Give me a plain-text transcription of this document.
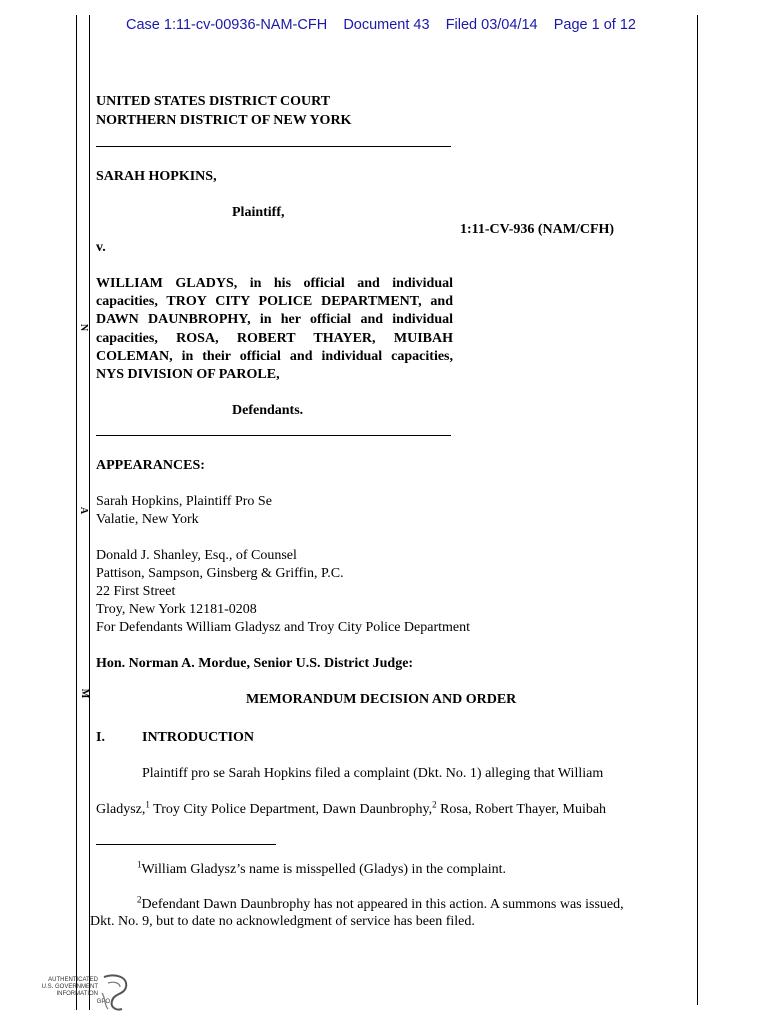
Case 1:11-cv-00936-NAM-CFH Document 43 Filed 03/04/14 Page 1 of 12
N
A
M
UNITED STATES DISTRICT COURT
NORTHERN DISTRICT OF NEW YORK
SARAH HOPKINS,
Plaintiff,
1:11-CV-936 (NAM/CFH)
v.
WILLIAM GLADYS, in his official and individual
capacities, TROY CITY POLICE DEPARTMENT, and
DAWN DAUNBROPHY, in her official and individual
capacities, ROSA, ROBERT THAYER, MUIBAH
COLEMAN, in their official and individual capacities,
NYS DIVISION OF PAROLE,
Defendants.
APPEARANCES:
Sarah Hopkins, Plaintiff Pro Se
Valatie, New York
Donald J. Shanley, Esq., of Counsel
Pattison, Sampson, Ginsberg & Griffin, P.C.
22 First Street
Troy, New York 12181-0208
For Defendants William Gladysz and Troy City Police Department
Hon. Norman A. Mordue, Senior U.S. District Judge:
MEMORANDUM DECISION AND ORDER
I.	INTRODUCTION
Plaintiff pro se Sarah Hopkins filed a complaint (Dkt. No. 1) alleging that William
Gladysz,$^1$ Troy City Police Department, Dawn Daunbrophy,$^2$ Rosa, Robert Thayer, Muibah
$^1$William Gladysz’s name is misspelled (Gladys) in the complaint.
$^2$Defendant Dawn Daunbrophy has not appeared in this action. A summons was issued,
Dkt. No. 9, but to date no acknowledgment of service has been filed.
AUTHENTICATED
U.S. GOVERNMENT
INFORMATION
GPO
